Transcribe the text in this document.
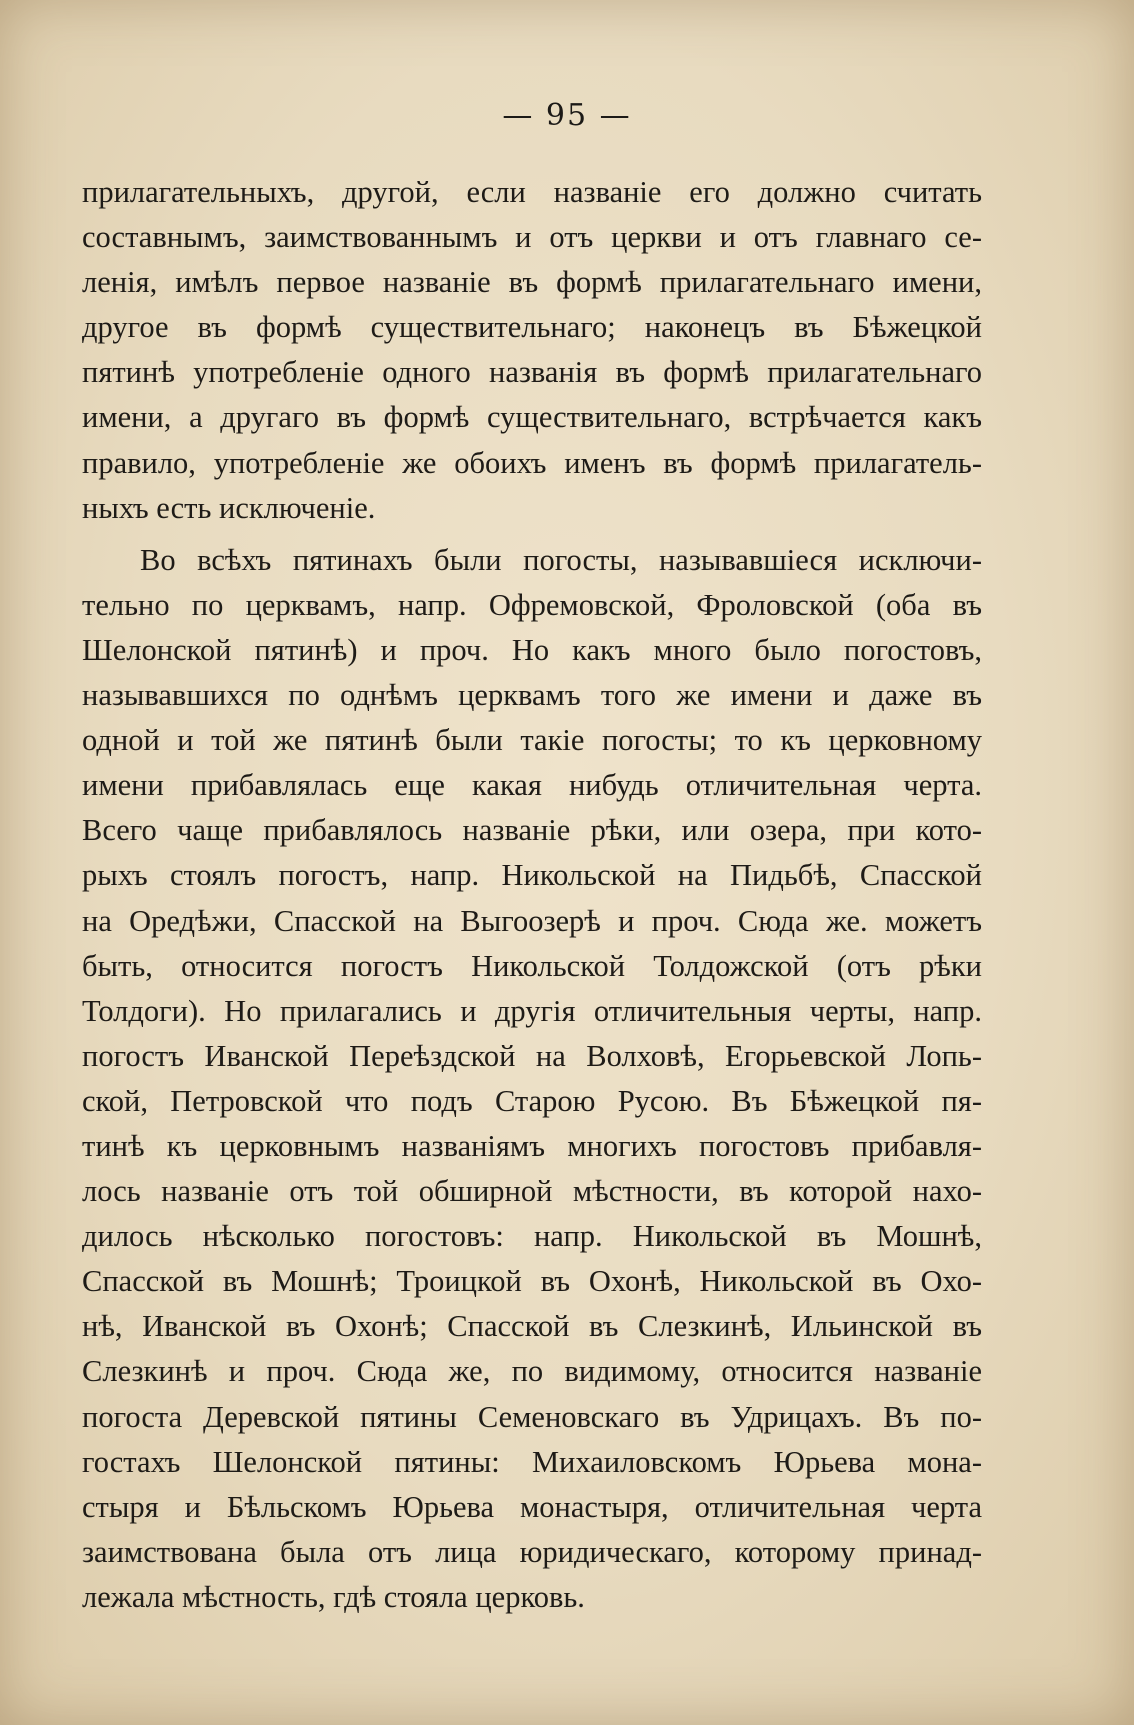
— 95 —
прилагательныхъ, другой, если названіе его должно считать
составнымъ, заимствованнымъ и отъ церкви и отъ главнаго се-
ленія, имѣлъ первое названіе въ формѣ прилагательнаго имени,
другое въ формѣ существительнаго; наконецъ въ Бѣжецкой
пятинѣ употребленіе одного названія въ формѣ прилагательнаго
имени, а другаго въ формѣ существительнаго, встрѣчается какъ
правило, употребленіе же обоихъ именъ въ формѣ прилагатель-
ныхъ есть исключеніе.
Во всѣхъ пятинахъ были погосты, называвшіеся исключи-
тельно по церквамъ, напр. Офремовской, Фроловской (оба въ
Шелонской пятинѣ) и проч. Но какъ много было погостовъ,
называвшихся по однѣмъ церквамъ того же имени и даже въ
одной и той же пятинѣ были такіе погосты; то къ церковному
имени прибавлялась еще какая нибудь отличительная черта.
Всего чаще прибавлялось названіе рѣки, или озера, при кото-
рыхъ стоялъ погостъ, напр. Никольской на Пидьбѣ, Спасской
на Оредѣжи, Спасской на Выгоозерѣ и проч. Сюда же. можетъ
быть, относится погостъ Никольской Толдожской (отъ рѣки
Толдоги). Но прилагались и другія отличительныя черты, напр.
погостъ Иванской Переѣздской на Волховѣ, Егорьевской Лопь-
ской, Петровской что подъ Старою Русою. Въ Бѣжецкой пя-
тинѣ къ церковнымъ названіямъ многихъ погостовъ прибавля-
лось названіе отъ той обширной мѣстности, въ которой нахо-
дилось нѣсколько погостовъ: напр. Никольской въ Мошнѣ,
Спасской въ Мошнѣ; Троицкой въ Охонѣ, Никольской въ Охо-
нѣ, Иванской въ Охонѣ; Спасской въ Слезкинѣ, Ильинской въ
Слезкинѣ и проч. Сюда же, по видимому, относится названіе
погоста Деревской пятины Семеновскаго въ Удрицахъ. Въ по-
гостахъ Шелонской пятины: Михаиловскомъ Юрьева мона-
стыря и Бѣльскомъ Юрьева монастыря, отличительная черта
заимствована была отъ лица юридическаго, которому принад-
лежала мѣстность, гдѣ стояла церковь.
